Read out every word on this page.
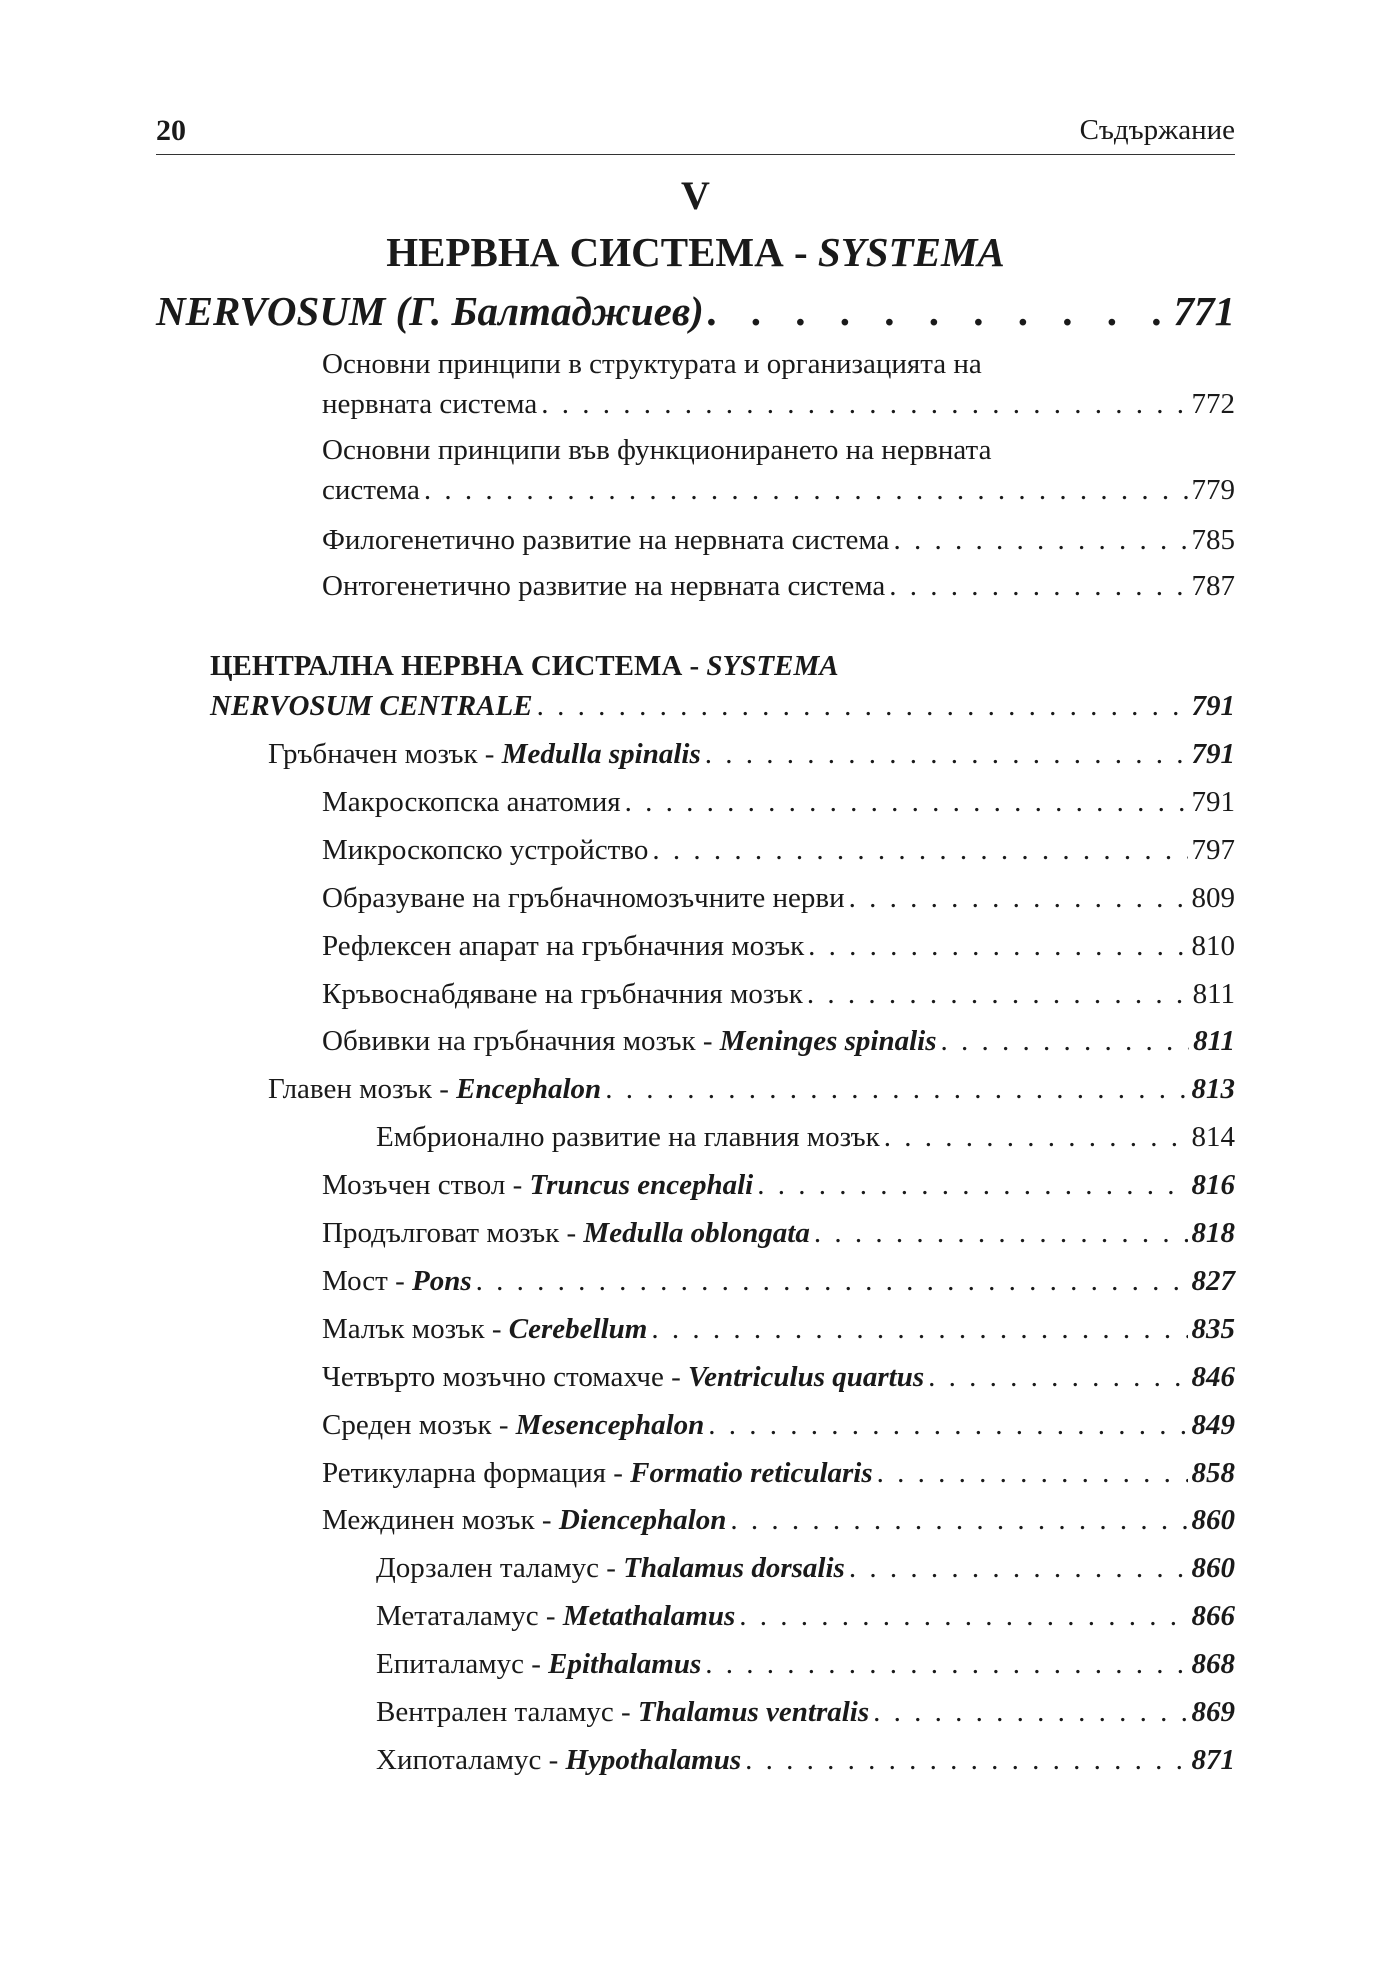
20	Съдържание
V
НЕРВНА СИСТЕМА - SYSTEMA
NERVOSUM (Г. Балтаджиев) . . .	771
Основни принципи в структурата и организацията на
нервната система . . .	772
Основни принципи във функционирането на нервната
система . . .	779
Филогенетично развитие на нервната система . . .	785
Онтогенетично развитие на нервната система . . .	787
ЦЕНТРАЛНА НЕРВНА СИСТЕМА - SYSTEMA
NERVOSUM CENTRALE . . .	791
Гръбначен мозък - Medulla spinalis . . .	791
Макроскопска анатомия . . .	791
Микроскопско устройство . . .	797
Образуване на гръбначномозъчните нерви . . .	809
Рефлексен апарат на гръбначния мозък . . .	810
Кръвоснабдяване на гръбначния мозък . . .	811
Обвивки на гръбначния мозък - Meninges spinalis . . .	811
Главен мозък - Encephalon . . .	813
Ембрионално развитие на главния мозък . . .	814
Мозъчен ствол - Truncus encephali . . .	816
Продълговат мозък - Medulla oblongata . . .	818
Мост - Pons . . .	827
Малък мозък - Cerebellum . . .	835
Четвърто мозъчно стомахче - Ventriculus quartus . . .	846
Среден мозък - Mesencephalon . . .	849
Ретикуларна формация - Formatio reticularis . . .	858
Междинен мозък - Diencephalon . . .	860
Дорзален таламус - Thalamus dorsalis . . .	860
Метаталамус - Metathalamus . . .	866
Епиталамус - Epithalamus . . .	868
Вентрален таламус - Thalamus ventralis . . .	869
Хипоталамус - Hypothalamus . . .	871
